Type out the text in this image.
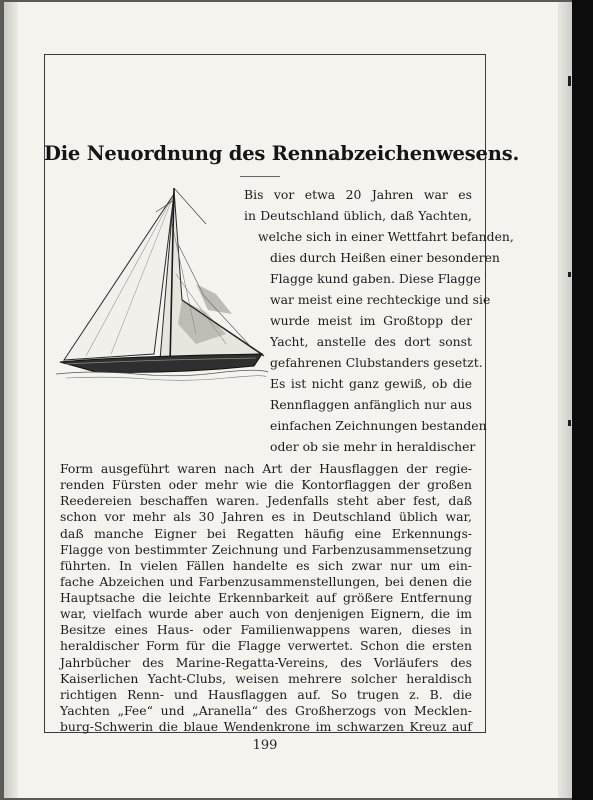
Die Neuordnung des Rennabzeichenwesens.
Bis vor etwa 20 Jahren war es
in Deutschland üblich, daß Yachten,
welche sich in einer Wettfahrt befanden,
dies durch Heißen einer besonderen
Flagge kund gaben. Diese Flagge
war meist eine rechteckige und sie
wurde meist im Großtopp der
Yacht, anstelle des dort sonst
gefahrenen Clubstanders gesetzt.
Es ist nicht ganz gewiß, ob die
Rennflaggen anfänglich nur aus
einfachen Zeichnungen bestanden
oder ob sie mehr in heraldischer
Form ausgeführt waren nach Art der Hausflaggen der regie-
renden Fürsten oder mehr wie die Kontorflaggen der großen
Reedereien beschaffen waren. Jedenfalls steht aber fest, daß
schon vor mehr als 30 Jahren es in Deutschland üblich war,
daß manche Eigner bei Regatten häufig eine Erkennungs-
Flagge von bestimmter Zeichnung und Farbenzusammensetzung
führten. In vielen Fällen handelte es sich zwar nur um ein-
fache Abzeichen und Farbenzusammenstellungen, bei denen die
Hauptsache die leichte Erkennbarkeit auf größere Entfernung
war, vielfach wurde aber auch von denjenigen Eignern, die im
Besitze eines Haus- oder Familienwappens waren, dieses in
heraldischer Form für die Flagge verwertet. Schon die ersten
Jahrbücher des Marine-Regatta-Vereins, des Vorläufers des
Kaiserlichen Yacht-Clubs, weisen mehrere solcher heraldisch
richtigen Renn- und Hausflaggen auf. So trugen z. B. die
Yachten „Fee“ und „Aranella“ des Großherzogs von Mecklen-
burg-Schwerin die blaue Wendenkrone im schwarzen Kreuz auf
199
